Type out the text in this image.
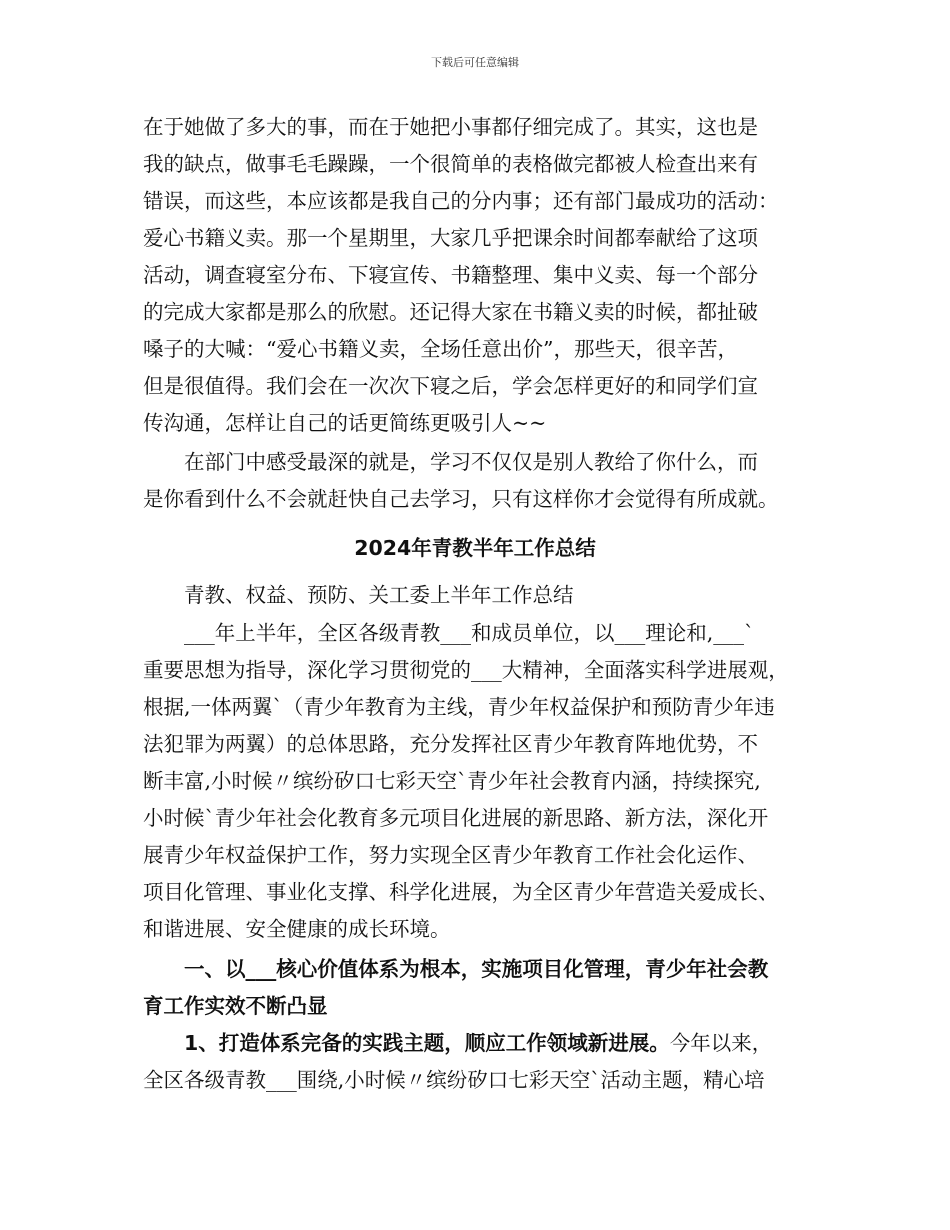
下载后可任意编辑

在于她做了多大的事，而在于她把小事都仔细完成了。其实，这也是

我的缺点，做事毛毛躁躁，一个很简单的表格做完都被人检查出来有

错误，而这些，本应该都是我自己的分内事；还有部门最成功的活动：

爱心书籍义卖。那一个星期里，大家几乎把课余时间都奉献给了这项

活动，调查寝室分布、下寝宣传、书籍整理、集中义卖、每一个部分

的完成大家都是那么的欣慰。还记得大家在书籍义卖的时候，都扯破

嗓子的大喊：“爱心书籍义卖，全场任意出价”，那些天，很辛苦，

但是很值得。我们会在一次次下寝之后，学会怎样更好的和同学们宣

传沟通，怎样让自己的话更简练更吸引人~~

　　在部门中感受最深的就是，学习不仅仅是别人教给了你什么，而

是你看到什么不会就赶快自己去学习，只有这样你才会觉得有所成就。

2024年青教半年工作总结

　　青教、权益、预防、关工委上半年工作总结

　　___年上半年，全区各级青教___和成员单位，以___理论和,___`

重要思想为指导，深化学习贯彻党的___大精神，全面落实科学进展观，

根据,一体两翼`（青少年教育为主线，青少年权益保护和预防青少年违

法犯罪为两翼）的总体思路，充分发挥社区青少年教育阵地优势，不

断丰富,小时候〃缤纷矽口七彩天空`青少年社会教育内涵，持续探究,

小时候`青少年社会化教育多元项目化进展的新思路、新方法，深化开

展青少年权益保护工作，努力实现全区青少年教育工作社会化运作、

项目化管理、事业化支撑、科学化进展，为全区青少年营造关爱成长、

和谐进展、安全健康的成长环境。

　　一、以___核心价值体系为根本，实施项目化管理，青少年社会教

育工作实效不断凸显

　　1、打造体系完备的实践主题，顺应工作领域新进展。今年以来，

全区各级青教___围绕,小时候〃缤纷矽口七彩天空`活动主题，精心培
